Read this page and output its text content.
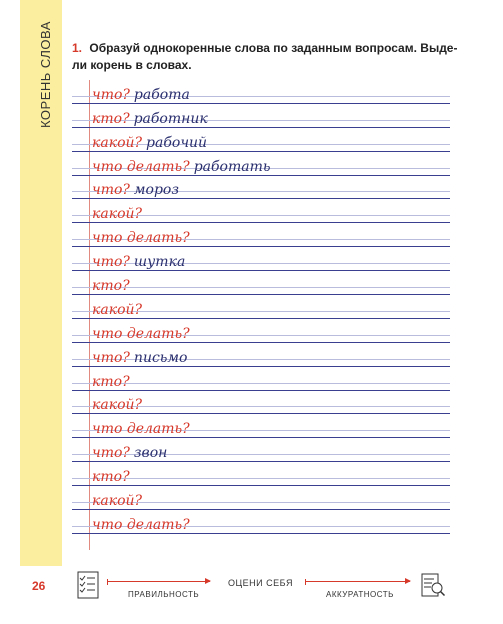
КОРЕНЬ СЛОВА	1. Образуй однокоренные слова по заданным вопросам. Выде-
ли корень в словах.
что? работа
кто? работник
какой? рабочий
что делать? работать
что? мороз
какой?
что делать?
что? шутка
кто?
какой?
что делать?
что? письмо
кто?
какой?
что делать?
что? звон
кто?
какой?
что делать?
26
ПРАВИЛЬНОСТЬ
ОЦЕНИ СЕБЯ
АККУРАТНОСТЬ
